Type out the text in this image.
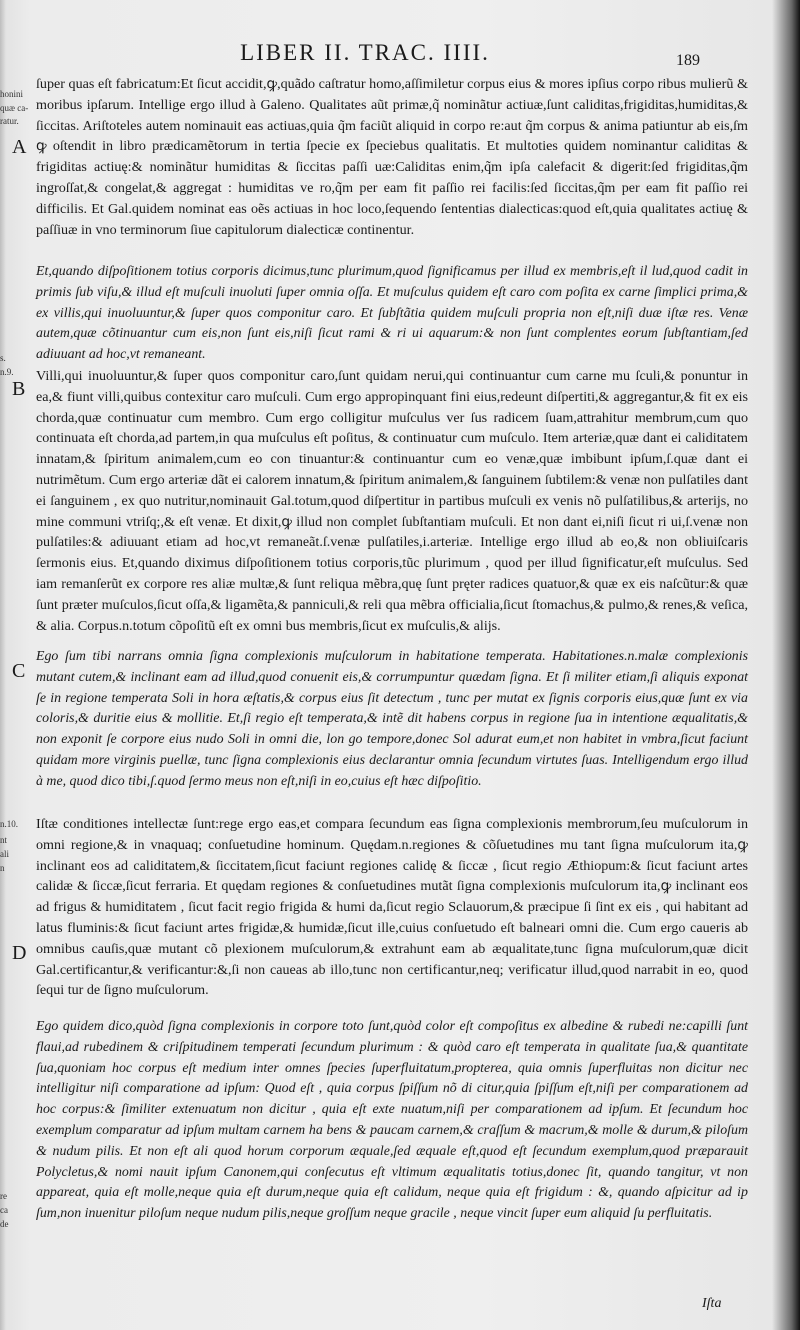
LIBER II. TRAC. IIII.	189
honini
quæ ca-
ratur.
s.
n.9.
n.10.
nt
ali
n
re
ca
de
A
B
C
D
ſuper quas eſt fabricatum:Et ſicut accidit,ꝙ,quãdo caſtratur homo,aſſimiletur corpus eius & mores ipſius corpo ribus mulierũ & moribus ipſarum. Intellige ergo illud à Galeno. Qualitates aũt primæ,q̃ nominãtur actiuæ,ſunt caliditas,frigiditas,humiditas,& ſiccitas. Ariſtoteles autem nominauit eas actiuas,quia q̃m faciũt aliquid in corpo re:aut q̃m corpus & anima patiuntur ab eis,ſm ꝙ oſtendit in libro prædicamẽtorum in tertia ſpecie ex ſpeciebus qualitatis. Et multoties quidem nominantur caliditas & frigiditas actiuę:& nominãtur humiditas & ſiccitas paſſi uæ:Caliditas enim,q̃m ipſa calefacit & digerit:ſed frigiditas,q̃m ingroſſat,& congelat,& aggregat : humiditas ve ro,q̃m per eam fit paſſio rei facilis:ſed ſiccitas,q̃m per eam fit paſſio rei difficilis. Et Gal.quidem nominat eas oẽs actiuas in hoc loco,ſequendo ſententias dialecticas:quod eſt,quia qualitates actiuę & paſſiuæ in vno terminorum ſiue capitulorum dialecticæ continentur.
Et,quando diſpoſitionem totius corporis dicimus,tunc plurimum,quod ſignificamus per illud ex membris,eſt il lud,quod cadit in primis ſub viſu,& illud eſt muſculi inuoluti ſuper omnia oſſa. Et muſculus quidem eſt caro com poſita ex carne ſimplici prima,& ex villis,qui inuoluuntur,& ſuper quos componitur caro. Et ſubſtãtia quidem muſculi propria non eſt,niſi duæ iſtæ res. Venæ autem,quæ cõtinuantur cum eis,non ſunt eis,niſi ſicut rami & ri ui aquarum:& non ſunt complentes eorum ſubſtantiam,ſed adiuuant ad hoc,vt remaneant.
Villi,qui inuoluuntur,& ſuper quos componitur caro,ſunt quidam nerui,qui continuantur cum carne mu ſculi,& ponuntur in ea,& fiunt villi,quibus contexitur caro muſculi. Cum ergo appropinquant fini eius,redeunt diſpertiti,& aggregantur,& fit ex eis chorda,quæ continuatur cum membro. Cum ergo colligitur muſculus ver ſus radicem ſuam,attrahitur membrum,cum quo continuata eſt chorda,ad partem,in qua muſculus eſt poſitus, & continuatur cum muſculo. Item arteriæ,quæ dant ei caliditatem innatam,& ſpiritum animalem,cum eo con tinuantur:& continuantur cum eo venæ,quæ imbibunt ipſum,ſ.quæ dant ei nutrimẽtum. Cum ergo arteriæ dãt ei calorem innatum,& ſpiritum animalem,& ſanguinem ſubtilem:& venæ non pulſatiles dant ei ſanguinem , ex quo nutritur,nominauit Gal.totum,quod diſpertitur in partibus muſculi ex venis nõ pulſatilibus,& arterijs, no mine communi vtriſq;,& eſt venæ. Et dixit,ꝙ illud non complet ſubſtantiam muſculi. Et non dant ei,niſi ſicut ri ui,ſ.venæ non pulſatiles:& adiuuant etiam ad hoc,vt remaneãt.ſ.venæ pulſatiles,i.arteriæ. Intellige ergo illud ab eo,& non obliuiſcaris ſermonis eius. Et,quando diximus diſpoſitionem totius corporis,tũc plurimum , quod per illud ſignificatur,eſt muſculus. Sed iam remanſerũt ex corpore res aliæ multæ,& ſunt reliqua mẽbra,quę ſunt pręter radices quatuor,& quæ ex eis naſcũtur:& quæ ſunt præter muſculos,ſicut oſſa,& ligamẽta,& panniculi,& reli qua mẽbra officialia,ſicut ſtomachus,& pulmo,& renes,& veſica, & alia. Corpus.n.totum cõpoſitũ eſt ex omni bus membris,ſicut ex muſculis,& alijs.
Ego ſum tibi narrans omnia ſigna complexionis muſculorum in habitatione temperata. Habitationes.n.malæ complexionis mutant cutem,& inclinant eam ad illud,quod conuenit eis,& corrumpuntur quædam ſigna. Et ſi militer etiam,ſi aliquis exponat ſe in regione temperata Soli in hora æſtatis,& corpus eius ſit detectum , tunc per mutat ex ſignis corporis eius,quæ ſunt ex via coloris,& duritie eius & mollitie. Et,ſi regio eſt temperata,& intẽ dit habens corpus in regione ſua in intentione æqualitatis,& non exponit ſe corpore eius nudo Soli in omni die, lon go tempore,donec Sol adurat eum,et non habitet in vmbra,ſicut faciunt quidam more virginis puellæ, tunc ſigna complexionis eius declarantur omnia ſecundum virtutes ſuas. Intelligendum ergo illud à me, quod dico tibi,ſ.quod ſermo meus non eſt,niſi in eo,cuius eſt hæc diſpoſitio.
Iſtæ conditiones intellectæ ſunt:rege ergo eas,et compara ſecundum eas ſigna complexionis membrorum,ſeu muſculorum in omni regione,& in vnaquaq; conſuetudine hominum. Quędam.n.regiones & cõſuetudines mu tant ſigna muſculorum ita,ꝙ inclinant eos ad caliditatem,& ſiccitatem,ſicut faciunt regiones calidę & ſiccæ , ſicut regio Æthiopum:& ſicut faciunt artes calidæ & ſiccæ,ſicut ferraria. Et quędam regiones & conſuetudines mutãt ſigna complexionis muſculorum ita,ꝙ inclinant eos ad frigus & humiditatem , ſicut facit regio frigida & humi da,ſicut regio Sclauorum,& præcipue ſi ſint ex eis , qui habitant ad latus fluminis:& ſicut faciunt artes frigidæ,& humidæ,ſicut ille,cuius conſuetudo eſt balneari omni die. Cum ergo caueris ab omnibus cauſis,quæ mutant cõ plexionem muſculorum,& extrahunt eam ab æqualitate,tunc ſigna muſculorum,quæ dicit Gal.certificantur,& verificantur:&,ſi non caueas ab illo,tunc non certificantur,neq; verificatur illud,quod narrabit in eo, quod ſequi tur de ſigno muſculorum.
Ego quidem dico,quòd ſigna complexionis in corpore toto ſunt,quòd color eſt compoſitus ex albedine & rubedi ne:capilli ſunt flaui,ad rubedinem & criſpitudinem temperati ſecundum plurimum : & quòd caro eſt temperata in qualitate ſua,& quantitate ſua,quoniam hoc corpus eſt medium inter omnes ſpecies ſuperfluitatum,propterea, quia omnis ſuperfluitas non dicitur nec intelligitur niſi comparatione ad ipſum: Quod eſt , quia corpus ſpiſſum nõ di citur,quia ſpiſſum eſt,niſi per comparationem ad hoc corpus:& ſimiliter extenuatum non dicitur , quia eſt exte nuatum,niſi per comparationem ad ipſum. Et ſecundum hoc exemplum comparatur ad ipſum multam carnem ha bens & paucam carnem,& craſſum & macrum,& molle & durum,& piloſum & nudum pilis. Et non eſt ali quod horum corporum æquale,ſed æquale eſt,quod eſt ſecundum exemplum,quod præparauit Polycletus,& nomi nauit ipſum Canonem,qui conſecutus eſt vltimum æqualitatis totius,donec ſit, quando tangitur, vt non appareat, quia eſt molle,neque quia eſt durum,neque quia eſt calidum, neque quia eſt frigidum : &, quando aſpicitur ad ip ſum,non inuenitur piloſum neque nudum pilis,neque groſſum neque gracile , neque vincit ſuper eum aliquid ſu perfluitatis.
Iſta
